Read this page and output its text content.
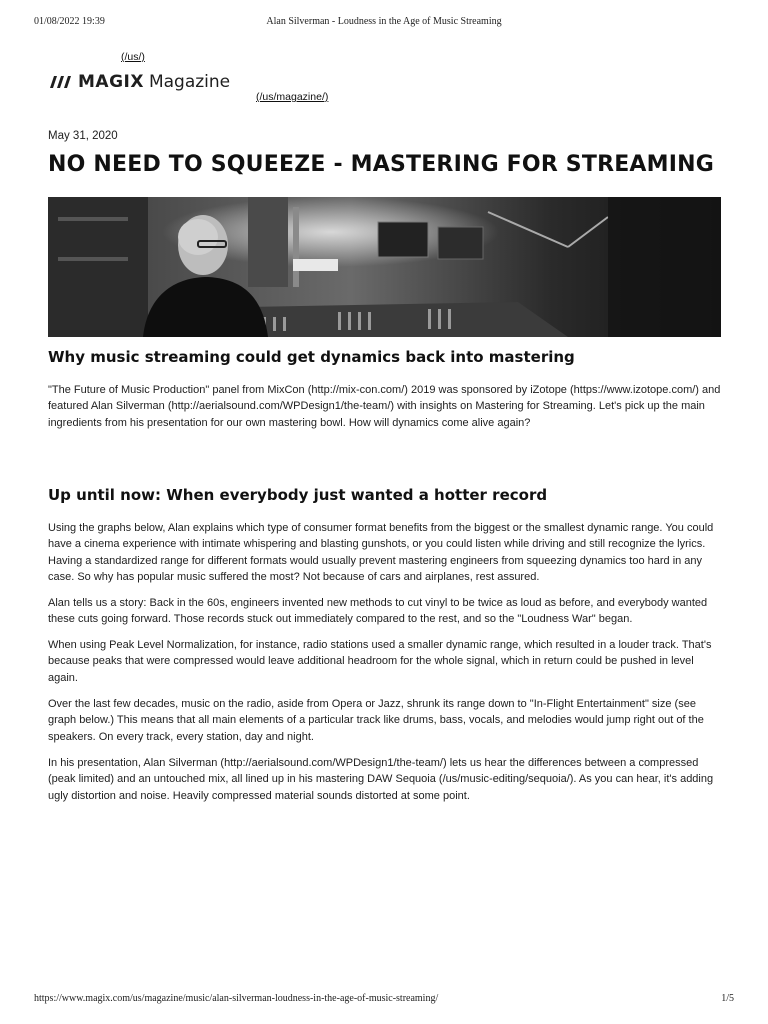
01/08/2022 19:39	Alan Silverman - Loudness in the Age of Music Streaming
(/us/)
MAGIX Magazine
(/us/magazine/)
May 31, 2020
NO NEED TO SQUEEZE - MASTERING FOR STREAMING
Why music streaming could get dynamics back into mastering

"The Future of Music Production" panel from MixCon (http://mix-con.com/) 2019 was sponsored by iZotope (https://www.izotope.com/) and featured Alan Silverman (http://aerialsound.com/WPDesign1/the-team/) with insights on Mastering for Streaming. Let's pick up the main ingredients from his presentation for our own mastering bowl. How will dynamics come alive again?

Up until now: When everybody just wanted a hotter record

Using the graphs below, Alan explains which type of consumer format benefits from the biggest or the smallest dynamic range. You could have a cinema experience with intimate whispering and blasting gunshots, or you could listen while driving and still recognize the lyrics. Having a standardized range for different formats would usually prevent mastering engineers from squeezing dynamics too hard in any case. So why has popular music suffered the most? Not because of cars and airplanes, rest assured.

Alan tells us a story: Back in the 60s, engineers invented new methods to cut vinyl to be twice as loud as before, and everybody wanted these cuts going forward. Those records stuck out immediately compared to the rest, and so the "Loudness War" began.

When using Peak Level Normalization, for instance, radio stations used a smaller dynamic range, which resulted in a louder track. That's because peaks that were compressed would leave additional headroom for the whole signal, which in return could be pushed in level again.

Over the last few decades, music on the radio, aside from Opera or Jazz, shrunk its range down to "In-Flight Entertainment" size (see graph below.) This means that all main elements of a particular track like drums, bass, vocals, and melodies would jump right out of the speakers. On every track, every station, day and night.

In his presentation, Alan Silverman (http://aerialsound.com/WPDesign1/the-team/) lets us hear the differences between a compressed (peak limited) and an untouched mix, all lined up in his mastering DAW Sequoia (/us/music-editing/sequoia/). As you can hear, it's adding ugly distortion and noise. Heavily compressed material sounds distorted at some point.

https://www.magix.com/us/magazine/music/alan-silverman-loudness-in-the-age-of-music-streaming/	1/5
